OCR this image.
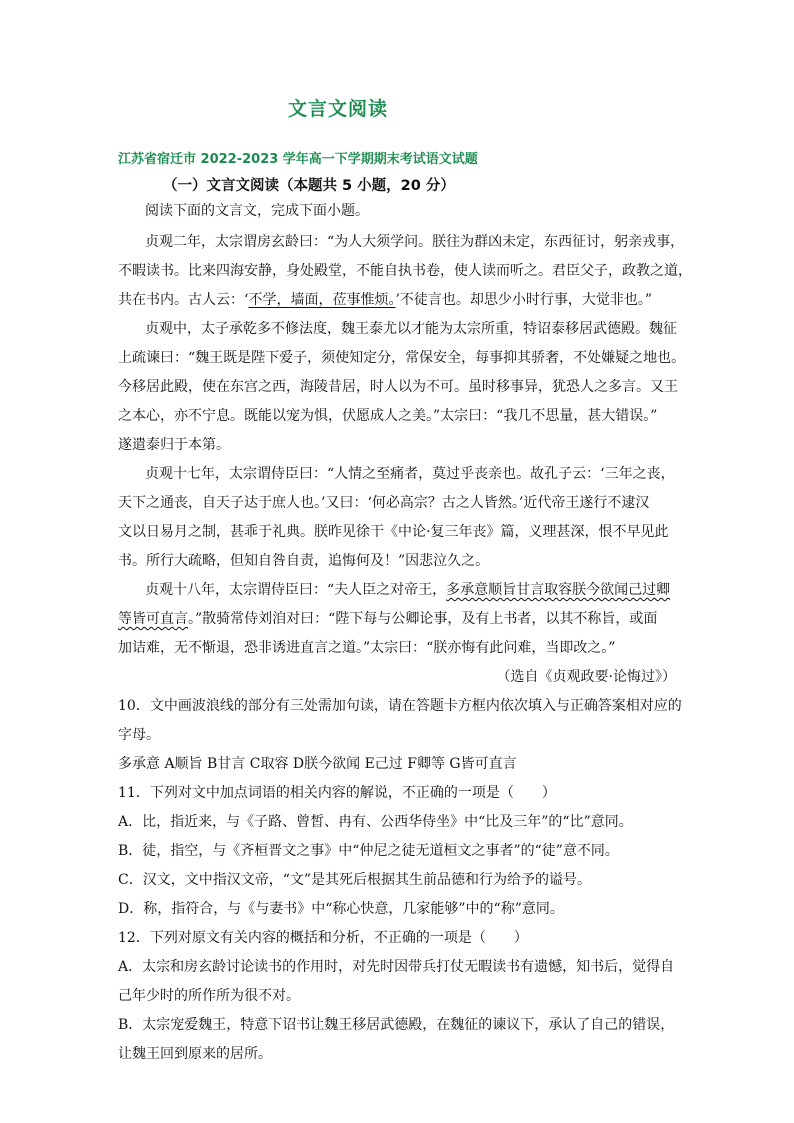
文言文阅读
江苏省宿迁市 2022-2023 学年高一下学期期末考试语文试题
（一）文言文阅读（本题共 5 小题，20 分）
阅读下面的文言文，完成下面小题。
贞观二年，太宗谓房玄龄曰：“为人大须学问。朕往为群凶未定，东西征讨，躬亲戎事，
不暇读书。比来四海安静，身处殿堂，不能自执书卷，使人读而听之。君臣父子，政教之道，
共在书内。古人云：‘不学，墙面，莅事惟烦。’不徒言也。却思少小时行事，大觉非也。”
贞观中，太子承乾多不修法度，魏王泰尤以才能为太宗所重，特诏泰移居武德殿。魏征
上疏谏曰：“魏王既是陛下爱子，须使知定分，常保安全，每事抑其骄奢，不处嫌疑之地也。
今移居此殿，使在东宫之西，海陵昔居，时人以为不可。虽时移事异，犹恐人之多言。又王
之本心，亦不宁息。既能以宠为惧，伏愿成人之美。”太宗曰：“我几不思量，甚大错误。”
遂遣泰归于本第。
贞观十七年，太宗谓侍臣曰：“人情之至痛者，莫过乎丧亲也。故孔子云：‘三年之丧，
天下之通丧，自天子达于庶人也。’又曰：‘何必高宗？古之人皆然。’近代帝王遂行不逮汉
文以日易月之制，甚乖于礼典。朕昨见徐干《中论·复三年丧》篇，义理甚深，恨不早见此
书。所行大疏略，但知自咎自责，追悔何及！”因悲泣久之。
贞观十八年，太宗谓侍臣曰：“夫人臣之对帝王，多承意顺旨甘言取容朕今欲闻己过卿
等皆可直言。”散骑常侍刘洎对曰：“陛下每与公卿论事，及有上书者，以其不称旨，或面
加诘难，无不惭退，恐非诱进直言之道。”太宗曰：“朕亦悔有此问难，当即改之。”
（选自《贞观政要·论悔过》）
10．文中画波浪线的部分有三处需加句读，请在答题卡方框内依次填入与正确答案相对应的
字母。
多承意 A顺旨 B甘言 C取容 D朕今欲闻 E己过 F卿等 G皆可直言
11．下列对文中加点词语的相关内容的解说，不正确的一项是（　　）
A．比，指近来，与《子路、曾皙、冉有、公西华侍坐》中“比及三年”的“比”意同。
B．徒，指空，与《齐桓晋文之事》中“仲尼之徒无道桓文之事者”的“徒”意不同。
C．汉文，文中指汉文帝，“文”是其死后根据其生前品德和行为给予的谥号。
D．称，指符合，与《与妻书》中“称心快意，几家能够”中的“称”意同。
12．下列对原文有关内容的概括和分析，不正确的一项是（　　）
A．太宗和房玄龄讨论读书的作用时，对先时因带兵打仗无暇读书有遗憾，知书后，觉得自
己年少时的所作所为很不对。
B．太宗宠爱魏王，特意下诏书让魏王移居武德殿，在魏征的谏议下，承认了自己的错误，
让魏王回到原来的居所。
